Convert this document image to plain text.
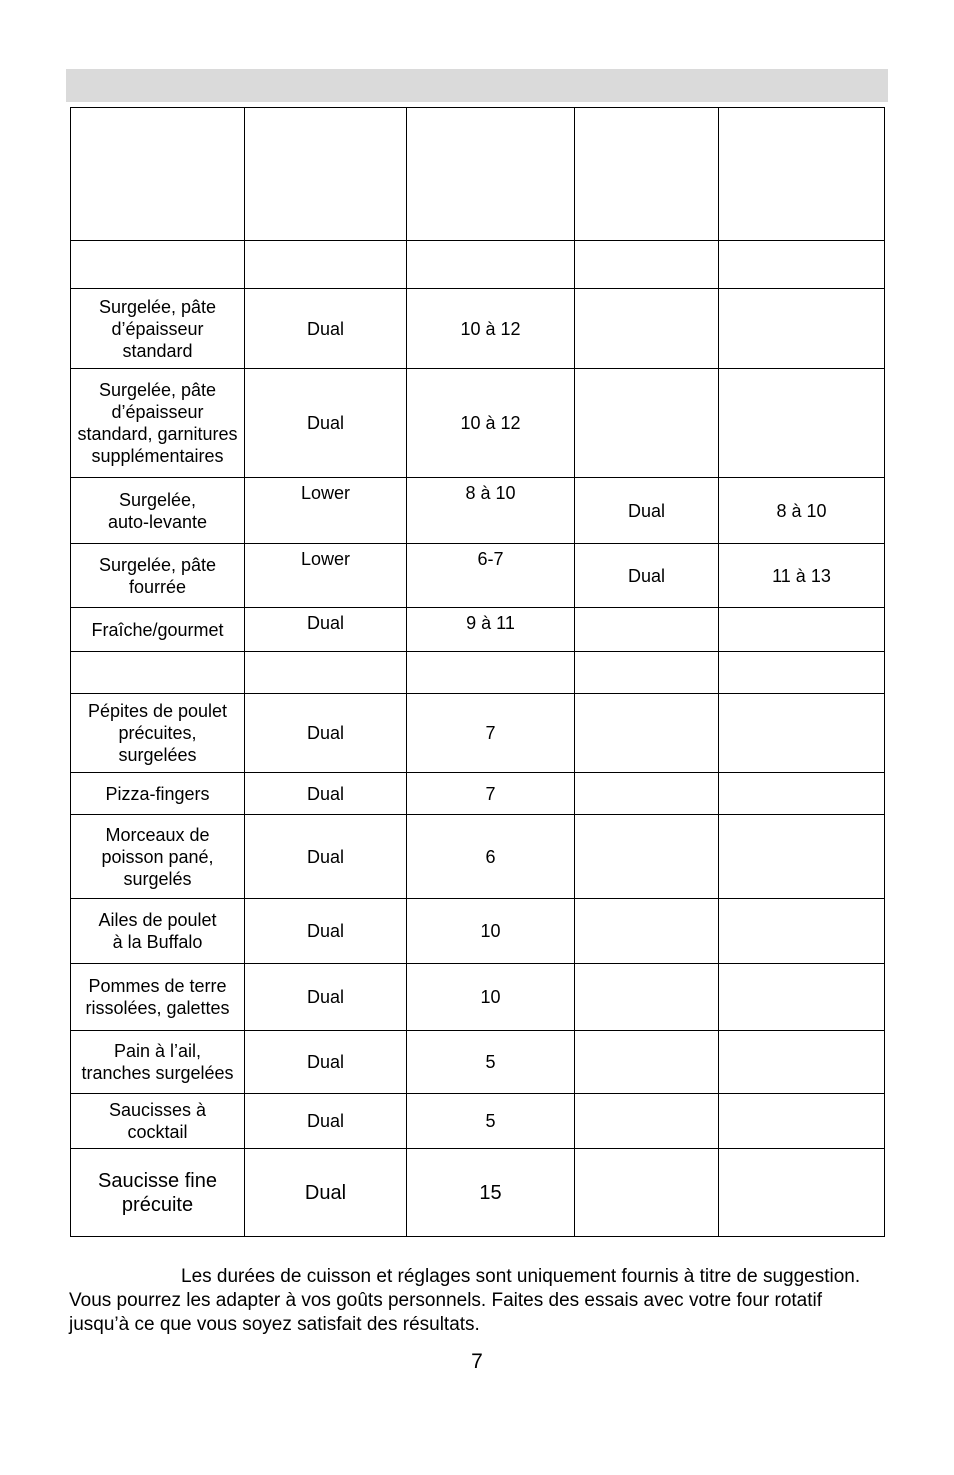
Surgelée, pâte
d’épaisseur
standard	Dual	10 à 12		
Surgelée, pâte
d’épaisseur
standard, garnitures
supplémentaires	Dual	10 à 12		
Surgelée,
auto-levante	Lower	8 à 10	Dual	8 à 10
Surgelée, pâte
fourrée	Lower	6-7	Dual	11 à 13
Fraîche/gourmet	Dual	9 à 11		

Pépites de poulet
précuites,
surgelées	Dual	7		
Pizza-fingers	Dual	7		
Morceaux de
poisson pané,
surgelés	Dual	6		
Ailes de poulet
à la Buffalo	Dual	10		
Pommes de terre
rissolées, galettes	Dual	10		
Pain à l’ail,
tranches surgelées	Dual	5		
Saucisses à
cocktail	Dual	5		
Saucisse fine
précuite	Dual	15		
Les durées de cuisson et réglages sont uniquement fournis à titre de suggestion. Vous pourrez les adapter à vos goûts personnels. Faites des essais avec votre four rotatif jusqu’à ce que vous soyez satisfait des résultats.
7
